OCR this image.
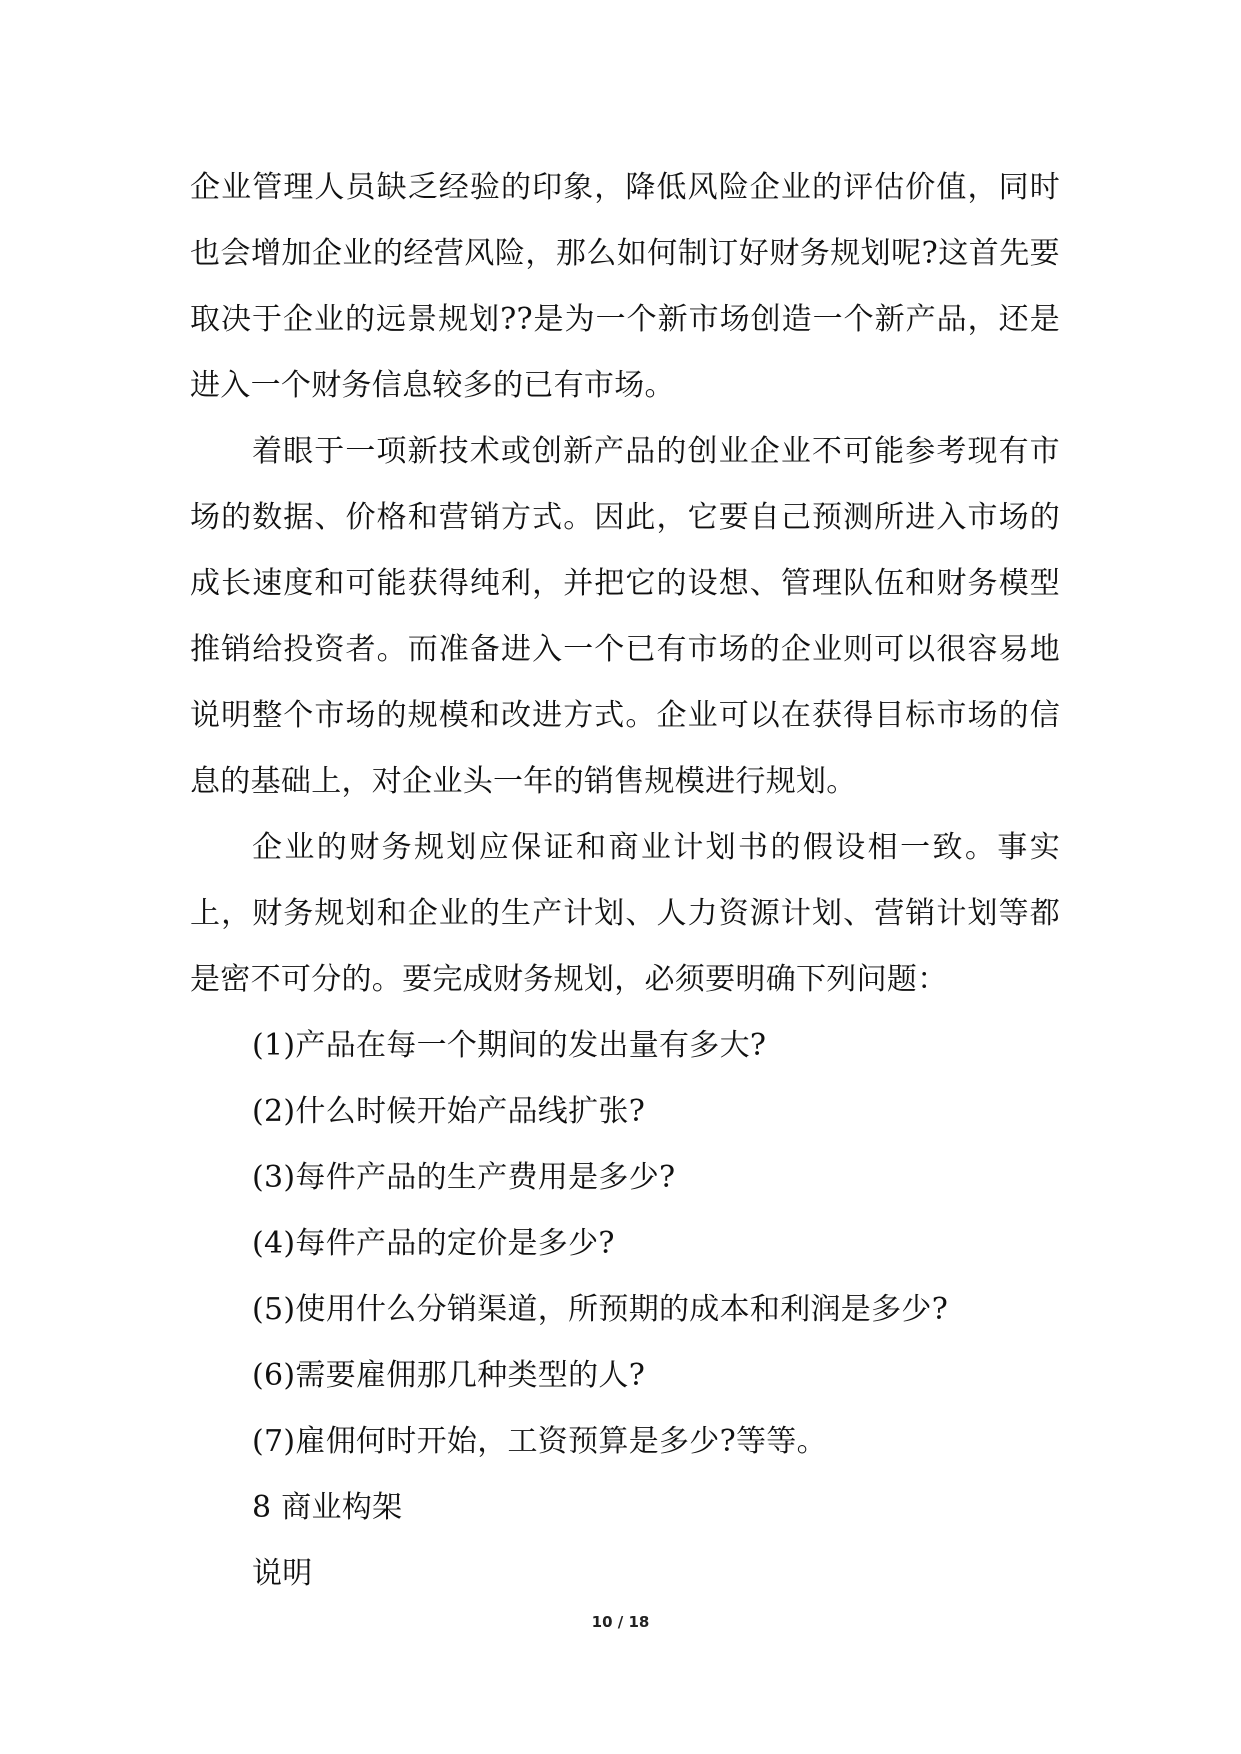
企业管理人员缺乏经验的印象，降低风险企业的评估价值，同时也会增加企业的经营风险，那么如何制订好财务规划呢?这首先要取决于企业的远景规划??是为一个新市场创造一个新产品，还是进入一个财务信息较多的已有市场。

着眼于一项新技术或创新产品的创业企业不可能参考现有市场的数据、价格和营销方式。因此，它要自己预测所进入市场的成长速度和可能获得纯利，并把它的设想、管理队伍和财务模型推销给投资者。而准备进入一个已有市场的企业则可以很容易地说明整个市场的规模和改进方式。企业可以在获得目标市场的信息的基础上，对企业头一年的销售规模进行规划。

企业的财务规划应保证和商业计划书的假设相一致。事实上，财务规划和企业的生产计划、人力资源计划、营销计划等都是密不可分的。要完成财务规划，必须要明确下列问题：

(1)产品在每一个期间的发出量有多大?

(2)什么时候开始产品线扩张?

(3)每件产品的生产费用是多少?

(4)每件产品的定价是多少?

(5)使用什么分销渠道，所预期的成本和利润是多少?

(6)需要雇佣那几种类型的人?

(7)雇佣何时开始，工资预算是多少?等等。

8 商业构架

说明

10 / 18
